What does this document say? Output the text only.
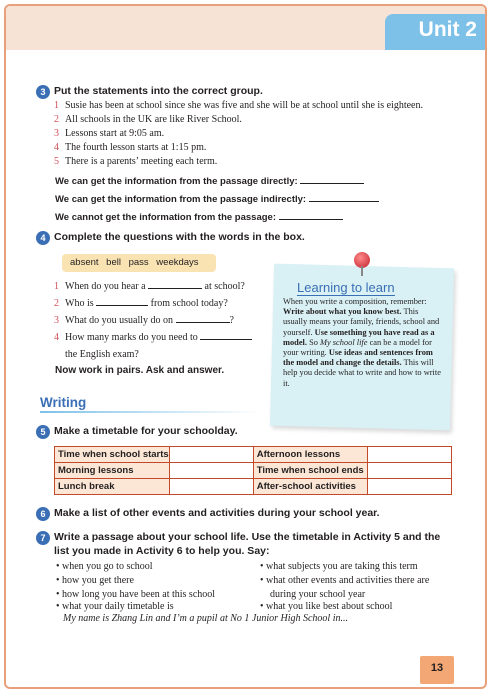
Unit 2
3 Put the statements into the correct group.
1 Susie has been at school since she was five and she will be at school until she is eighteen.
2 All schools in the UK are like River School.
3 Lessons start at 9:05 am.
4 The fourth lesson starts at 1:15 pm.
5 There is a parents’ meeting each term.
We can get the information from the passage directly:
We can get the information from the passage indirectly:
We cannot get the information from the passage:
4 Complete the questions with the words in the box.
absent bell pass weekdays
1 When do you hear a	at school?
2 Who is	from school today?
3 What do you usually do on	?
4 How many marks do you need to
the English exam?
Now work in pairs. Ask and answer.
Learning to learn
When you write a composition, remember: Write about what you know best. This usually means your family, friends, school and yourself. Use something you have read as a model. So My school life can be a model for your writing. Use ideas and sentences from the model and change the details. This will help you decide what to write and how to write it.
Writing
5 Make a timetable for your schoolday.
Time when school starts		Afternoon lessons	
Morning lessons		Time when school ends	
Lunch break		After-school activities	
6 Make a list of other events and activities during your school year.
7 Write a passage about your school life. Use the timetable in Activity 5 and the
list you made in Activity 6 to help you. Say:
• when you go to school
• how you get there
• how long you have been at this school
• what your daily timetable is
• what subjects you are taking this term
• what other events and activities there are
during your school year
• what you like best about school
My name is Zhang Lin and I’m a pupil at No 1 Junior High School in...
13
